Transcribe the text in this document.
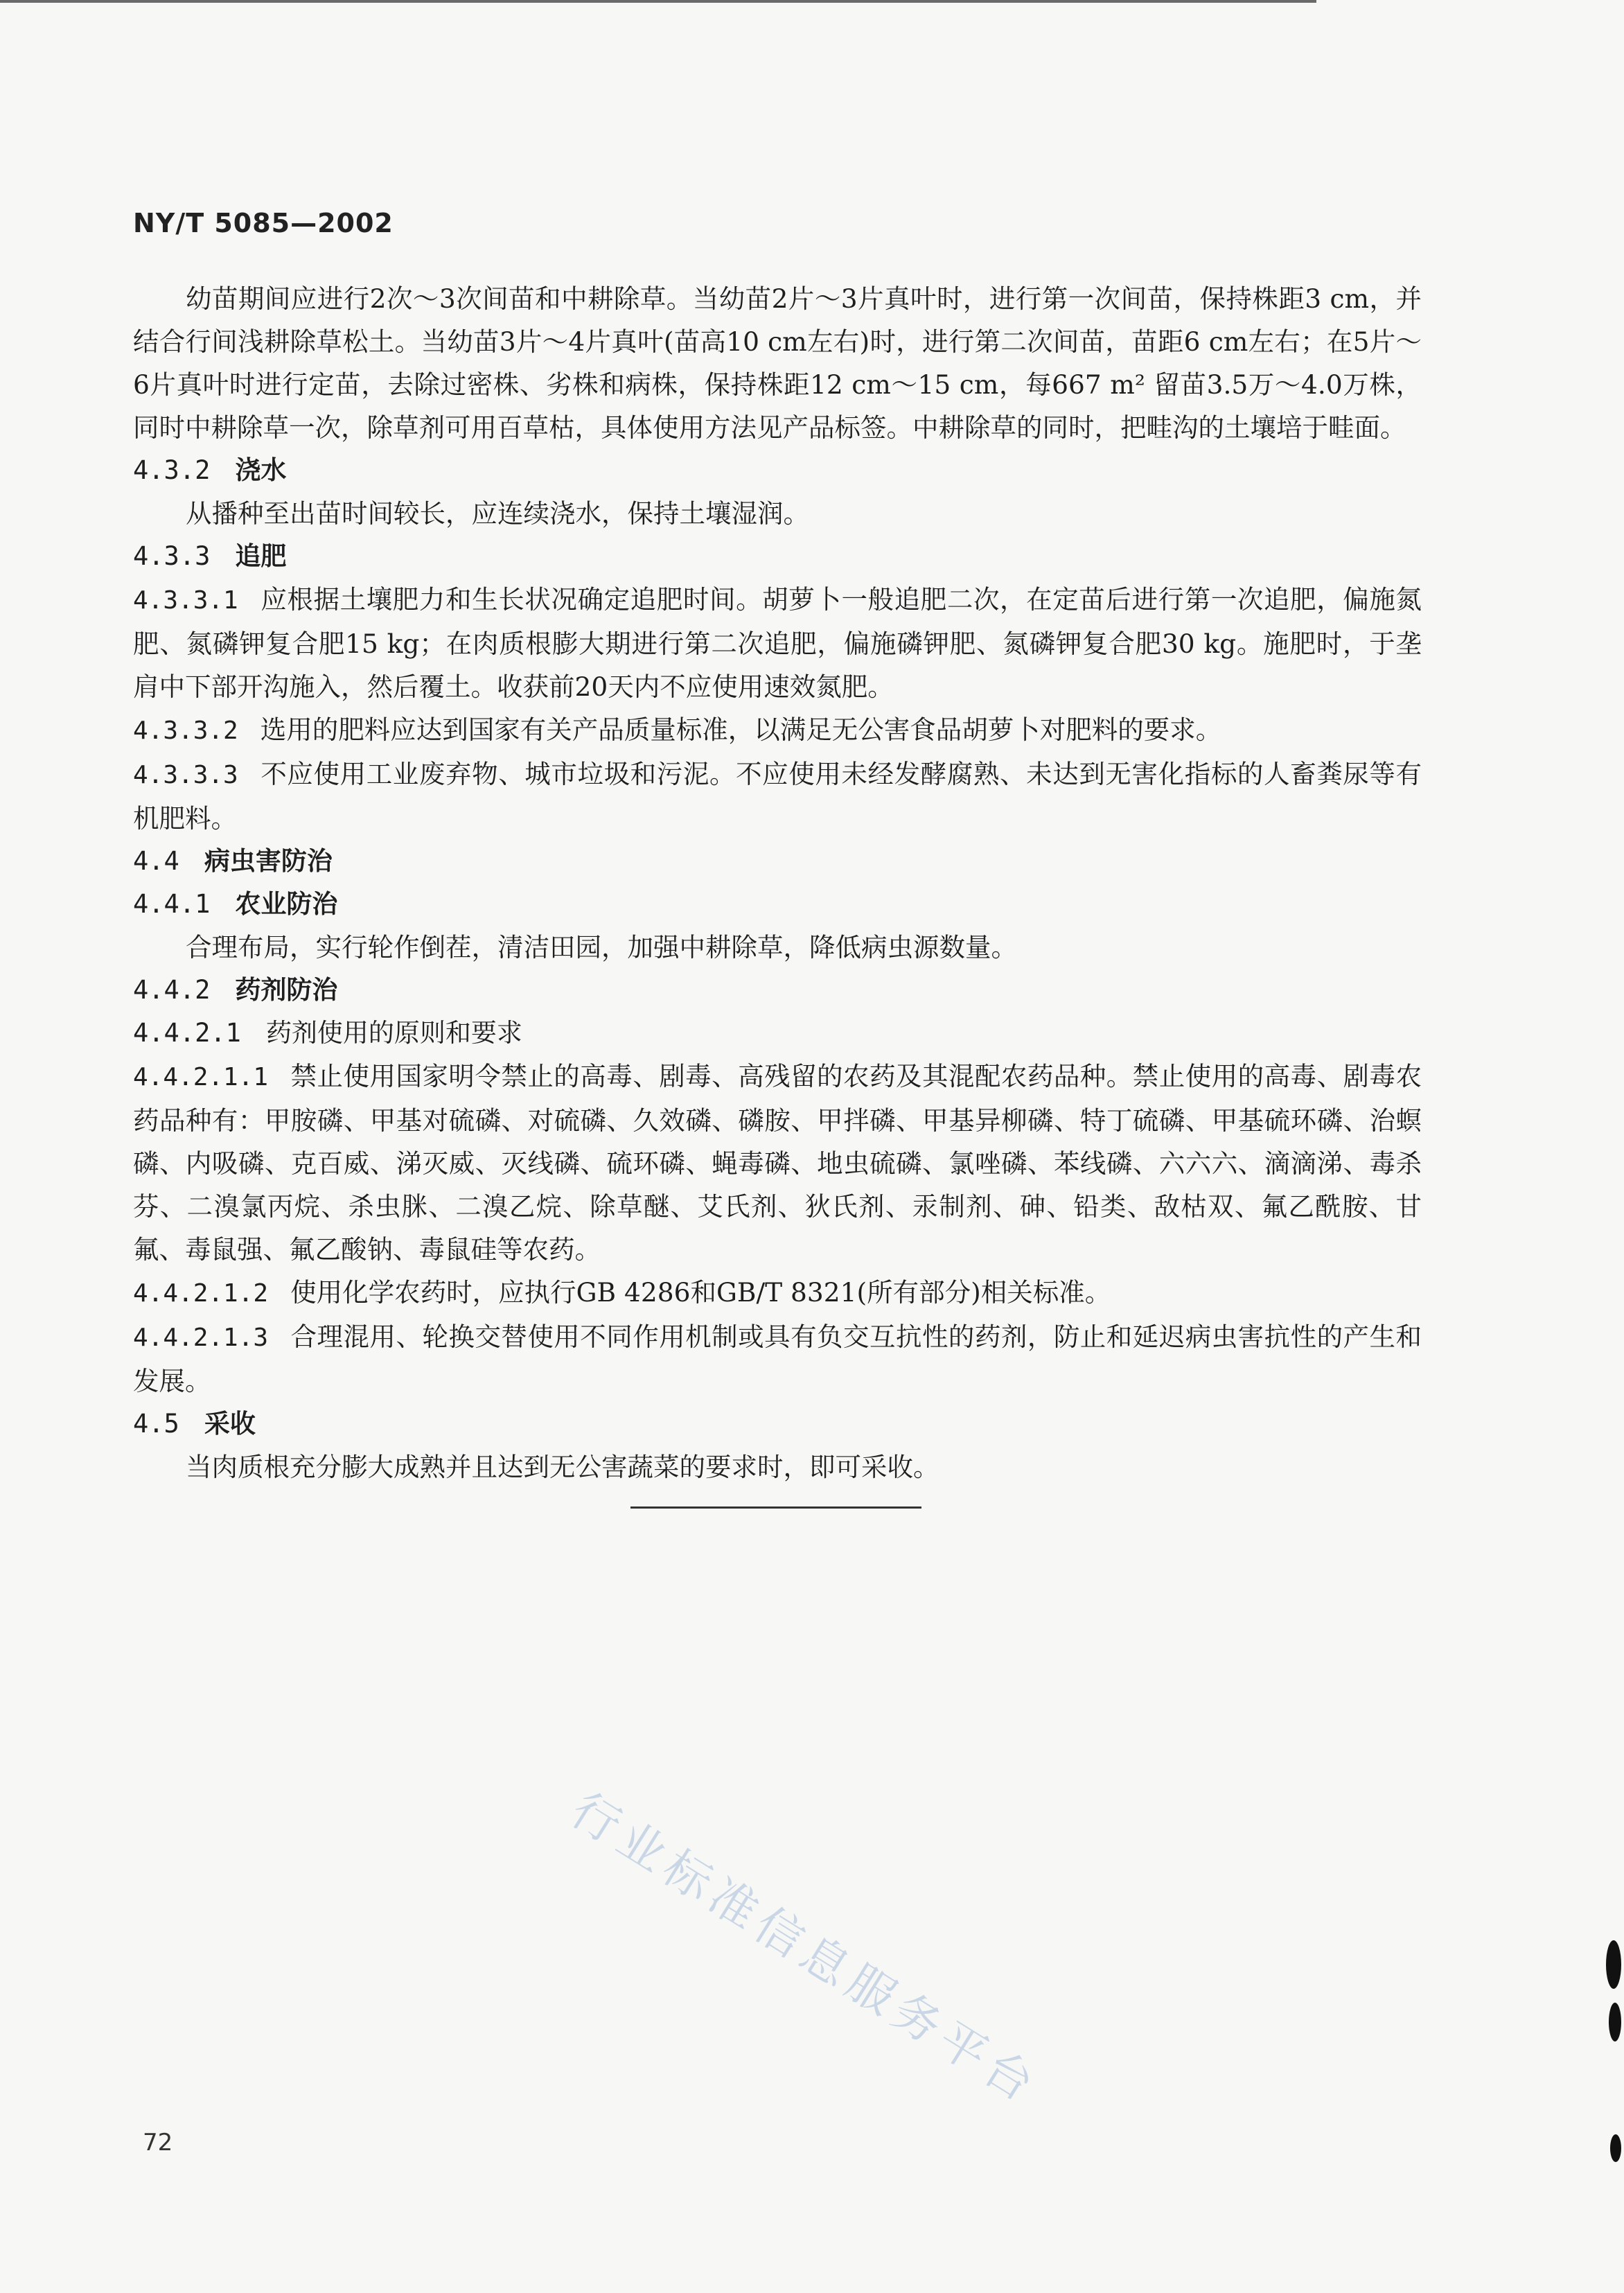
NY/T 5085—2002

幼苗期间应进行2次～3次间苗和中耕除草。当幼苗2片～3片真叶时，进行第一次间苗，保持株距3 cm，并结合行间浅耕除草松土。当幼苗3片～4片真叶(苗高10 cm左右)时，进行第二次间苗，苗距6 cm左右；在5片～6片真叶时进行定苗，去除过密株、劣株和病株，保持株距12 cm～15 cm，每667 m² 留苗3.5万～4.0万株，同时中耕除草一次，除草剂可用百草枯，具体使用方法见产品标签。中耕除草的同时，把畦沟的土壤培于畦面。

4.3.2 浇水

从播种至出苗时间较长，应连续浇水，保持土壤湿润。

4.3.3 追肥

4.3.3.1 应根据土壤肥力和生长状况确定追肥时间。胡萝卜一般追肥二次，在定苗后进行第一次追肥，偏施氮肥、氮磷钾复合肥15 kg；在肉质根膨大期进行第二次追肥，偏施磷钾肥、氮磷钾复合肥30 kg。施肥时，于垄肩中下部开沟施入，然后覆土。收获前20天内不应使用速效氮肥。

4.3.3.2 选用的肥料应达到国家有关产品质量标准，以满足无公害食品胡萝卜对肥料的要求。

4.3.3.3 不应使用工业废弃物、城市垃圾和污泥。不应使用未经发酵腐熟、未达到无害化指标的人畜粪尿等有机肥料。

4.4 病虫害防治

4.4.1 农业防治

合理布局，实行轮作倒茬，清洁田园，加强中耕除草，降低病虫源数量。

4.4.2 药剂防治

4.4.2.1 药剂使用的原则和要求

4.4.2.1.1 禁止使用国家明令禁止的高毒、剧毒、高残留的农药及其混配农药品种。禁止使用的高毒、剧毒农药品种有：甲胺磷、甲基对硫磷、对硫磷、久效磷、磷胺、甲拌磷、甲基异柳磷、特丁硫磷、甲基硫环磷、治螟磷、内吸磷、克百威、涕灭威、灭线磷、硫环磷、蝇毒磷、地虫硫磷、氯唑磷、苯线磷、六六六、滴滴涕、毒杀芬、二溴氯丙烷、杀虫脒、二溴乙烷、除草醚、艾氏剂、狄氏剂、汞制剂、砷、铅类、敌枯双、氟乙酰胺、甘氟、毒鼠强、氟乙酸钠、毒鼠硅等农药。

4.4.2.1.2 使用化学农药时，应执行GB 4286和GB/T 8321(所有部分)相关标准。

4.4.2.1.3 合理混用、轮换交替使用不同作用机制或具有负交互抗性的药剂，防止和延迟病虫害抗性的产生和发展。

4.5 采收

当肉质根充分膨大成熟并且达到无公害蔬菜的要求时，即可采收。

行业标准信息服务平台
72
